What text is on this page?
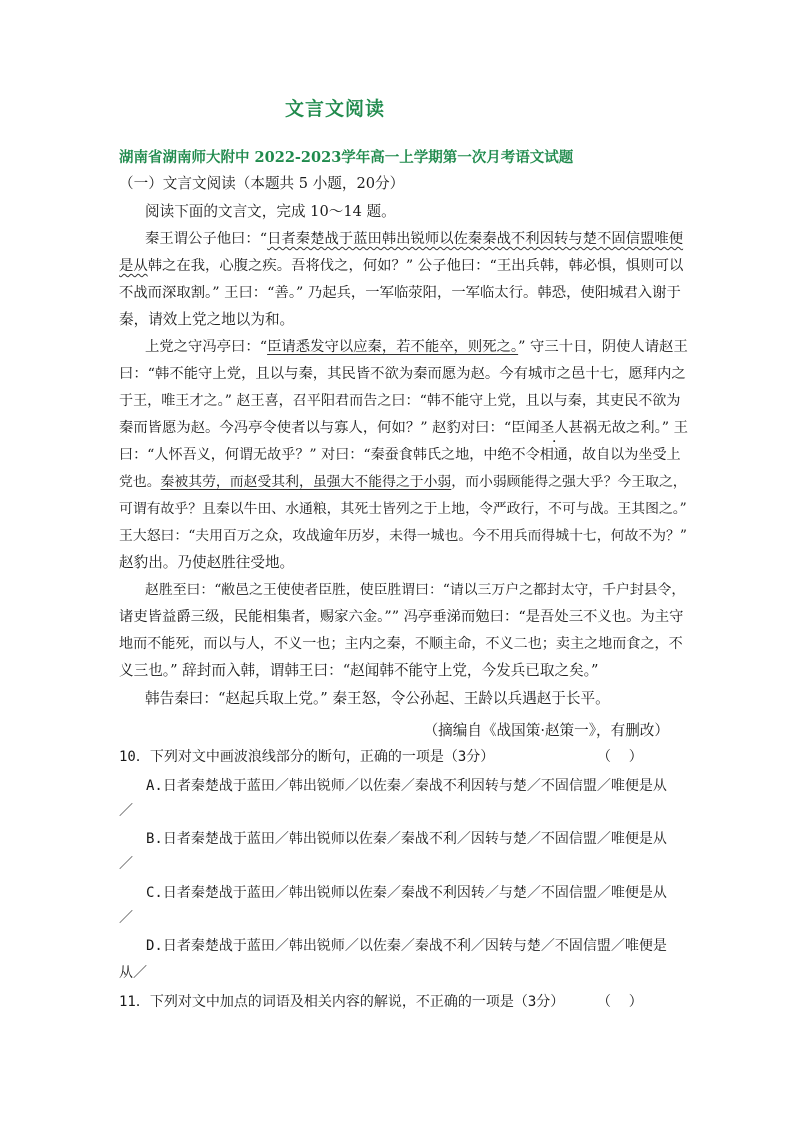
文言文阅读
湖南省湖南师大附中 2022-2023学年高一上学期第一次月考语文试题
（一）文言文阅读（本题共 5 小题，20分）
阅读下面的文言文，完成 10～14 题。
秦王谓公子他曰：“日者秦楚战于蓝田韩出锐师以佐秦秦战不利因转与楚不固信盟唯便
是从韩之在我，心腹之疾。吾将伐之，何如？” 公子他曰：“王出兵韩，韩必惧，惧则可以
不战而深取割。” 王曰：“善。” 乃起兵，一军临荥阳，一军临太行。韩恐，使阳城君入谢于
秦，请效上党之地以为和。
上党之守冯亭曰：“臣请悉发守以应秦，若不能卒，则死之。” 守三十日，阴使人请赵王
曰：“韩不能守上党，且以与秦，其民皆不欲为秦而愿为赵。今有城市之邑十七，愿拜内之
于王，唯王才之。” 赵王喜，召平阳君而告之曰：“韩不能守上党，且以与秦，其吏民不欲为
秦而皆愿为赵。今冯亭令使者以与寡人，何如？” 赵豹对曰：“臣闻圣人甚祸无故之利。” 王
曰：“人怀吾义，何谓无故乎？” 对曰：“秦蚕食韩氏之地，中绝不令相通，故自以为坐受上
党也。秦被其劳，而赵受其利，虽强大不能得之于小弱，而小弱顾能得之强大乎？今王取之，
可谓有故乎？且秦以牛田、水通粮，其死士皆列之于上地，令严政行，不可与战。王其图之。”
王大怒曰：“夫用百万之众，攻战逾年历岁，未得一城也。今不用兵而得城十七，何故不为？”
赵豹出。乃使赵胜往受地。
赵胜至曰：“敝邑之王使使者臣胜，使臣胜谓曰：“请以三万户之都封太守，千户封县令，
诸吏皆益爵三级，民能相集者，赐家六金。”” 冯亭垂涕而勉曰：“是吾处三不义也。为主守
地而不能死，而以与人，不义一也；主内之秦，不顺主命，不义二也；卖主之地而食之，不
义三也。” 辞封而入韩，谓韩王曰：“赵闻韩不能守上党，今发兵已取之矣。”
韩告秦曰：“赵起兵取上党。” 秦王怒，令公孙起、王龄以兵遇赵于长平。
（摘编自《战国策·赵策一》，有删改）
10．下列对文中画波浪线部分的断句，正确的一项是（3分）	（    ）
A.日者秦楚战于蓝田／韩出锐师／以佐秦／秦战不利因转与楚／不固信盟／唯便是从
／
B.日者秦楚战于蓝田／韩出锐师以佐秦／秦战不利／因转与楚／不固信盟／唯便是从
／
C.日者秦楚战于蓝田／韩出锐师以佐秦／秦战不利因转／与楚／不固信盟／唯便是从
／
D.日者秦楚战于蓝田／韩出锐师／以佐秦／秦战不利／因转与楚／不固信盟／唯便是
从／
11．下列对文中加点的词语及相关内容的解说，不正确的一项是（3分） （    ）
